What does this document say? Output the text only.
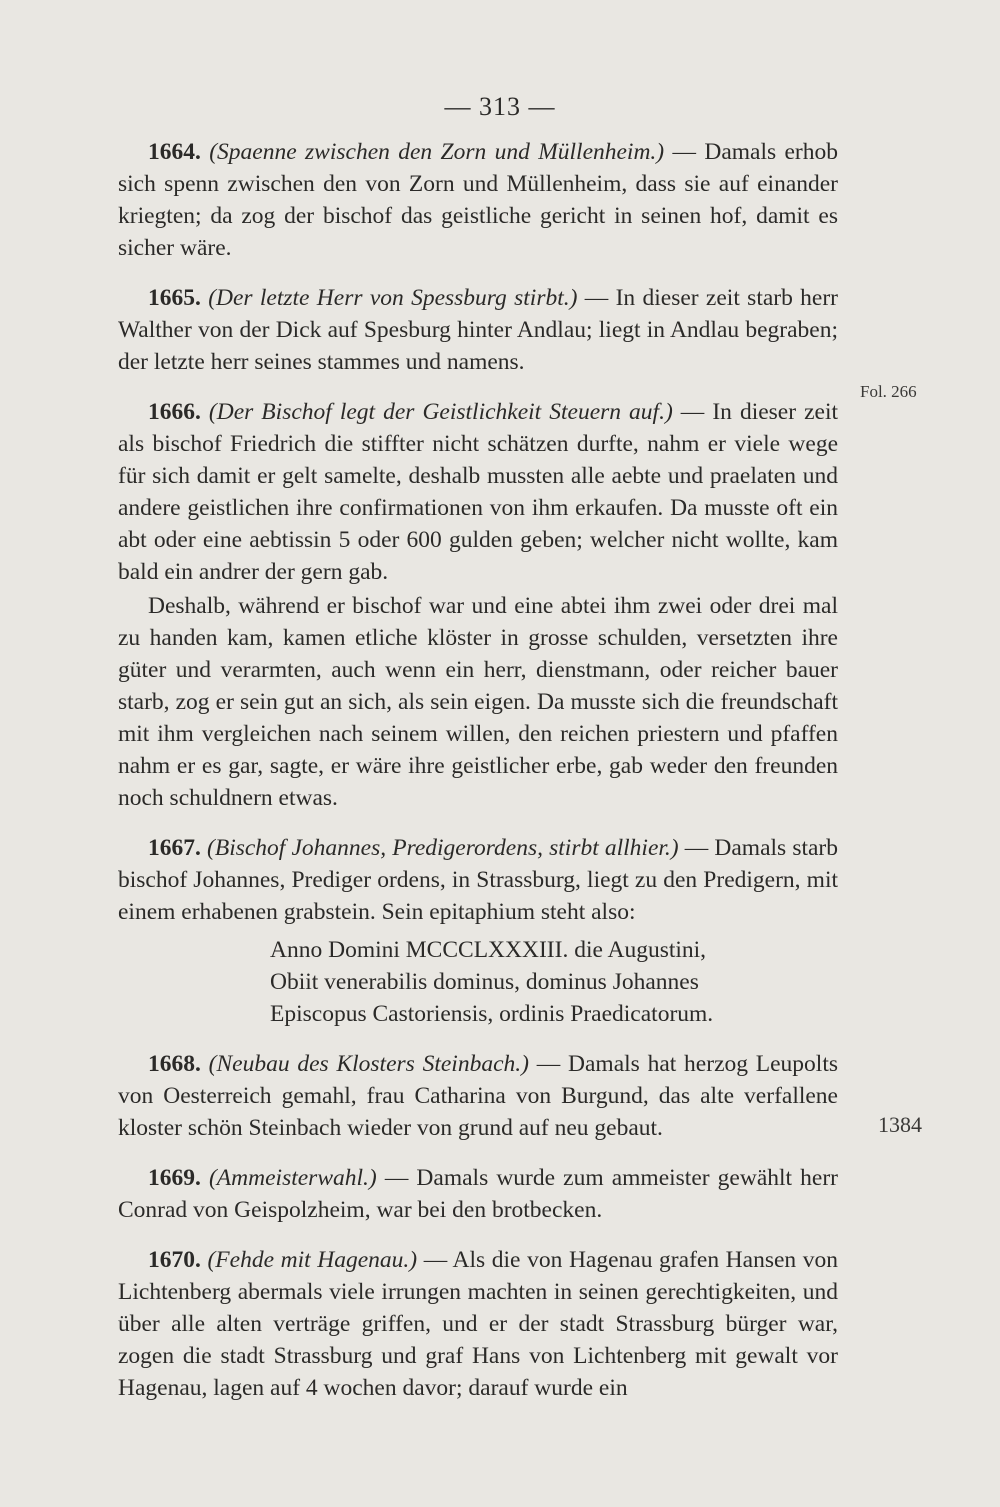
— 313 —
Fol. 266
1384

1664. (Spaenne zwischen den Zorn und Müllenheim.) — Damals erhob sich spenn zwischen den von Zorn und Müllenheim, dass sie auf einander kriegten; da zog der bischof das geistliche gericht in seinen hof, damit es sicher wäre.

1665. (Der letzte Herr von Spessburg stirbt.) — In dieser zeit starb herr Walther von der Dick auf Spesburg hinter Andlau; liegt in Andlau begraben; der letzte herr seines stammes und namens.

1666. (Der Bischof legt der Geistlichkeit Steuern auf.) — In dieser zeit als bischof Friedrich die stiffter nicht schätzen durfte, nahm er viele wege für sich damit er gelt samelte, deshalb mussten alle aebte und praelaten und andere geistlichen ihre confirmationen von ihm erkaufen. Da musste oft ein abt oder eine aebtissin 5 oder 600 gulden geben; welcher nicht wollte, kam bald ein andrer der gern gab.

Deshalb, während er bischof war und eine abtei ihm zwei oder drei mal zu handen kam, kamen etliche klöster in grosse schulden, versetzten ihre güter und verarmten, auch wenn ein herr, dienstmann, oder reicher bauer starb, zog er sein gut an sich, als sein eigen. Da musste sich die freundschaft mit ihm vergleichen nach seinem willen, den reichen priestern und pfaffen nahm er es gar, sagte, er wäre ihre geistlicher erbe, gab weder den freunden noch schuldnern etwas.

1667. (Bischof Johannes, Predigerordens, stirbt allhier.) — Damals starb bischof Johannes, Prediger ordens, in Strassburg, liegt zu den Predigern, mit einem erhabenen grabstein. Sein epitaphium steht also:

Anno Domini MCCCLXXXIII. die Augustini,
Obiit venerabilis dominus, dominus Johannes
Episcopus Castoriensis, ordinis Praedicatorum.

1668. (Neubau des Klosters Steinbach.) — Damals hat herzog Leupolts von Oesterreich gemahl, frau Catharina von Burgund, das alte verfallene kloster schön Steinbach wieder von grund auf neu gebaut.

1669. (Ammeisterwahl.) — Damals wurde zum ammeister gewählt herr Conrad von Geispolzheim, war bei den brotbecken.

1670. (Fehde mit Hagenau.) — Als die von Hagenau grafen Hansen von Lichtenberg abermals viele irrungen machten in seinen gerechtigkeiten, und über alle alten verträge griffen, und er der stadt Strassburg bürger war, zogen die stadt Strassburg und graf Hans von Lichtenberg mit gewalt vor Hagenau, lagen auf 4 wochen davor; darauf wurde ein
